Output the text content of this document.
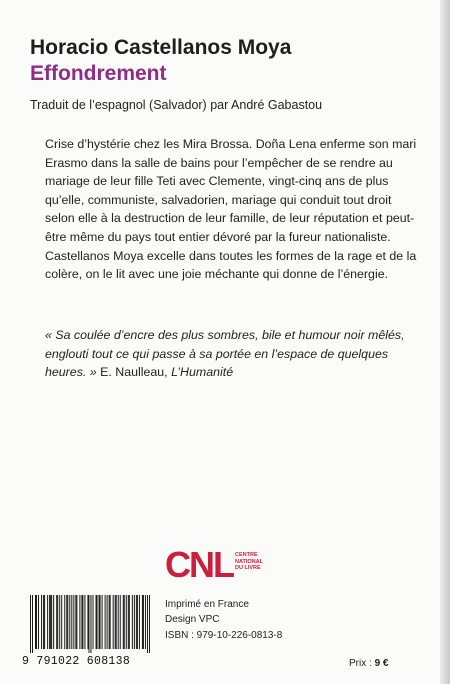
Horacio Castellanos Moya
Effondrement
Traduit de l’espagnol (Salvador) par André Gabastou

Crise d’hystérie chez les Mira Brossa. Doña Lena enferme son mari Erasmo dans la salle de bains pour l’empêcher de se rendre au mariage de leur fille Teti avec Clemente, vingt-cinq ans de plus qu’elle, communiste, salvadorien, mariage qui conduit tout droit selon elle à la destruction de leur famille, de leur réputation et peut-être même du pays tout entier dévoré par la fureur nationaliste.

Castellanos Moya excelle dans toutes les formes de la rage et de la colère, on le lit avec une joie méchante qui donne de l’énergie.

« Sa coulée d’encre des plus sombres, bile et humour noir mêlés, englouti tout ce qui passe à sa portée en l’espace de quelques heures. » E. Naulleau, L’Humanité
CNL CENTRE
NATIONAL
DU LIVRE
9 791022 608138
Imprimé en France
Design VPC
ISBN : 979-10-226-0813-8
Prix : 9 €
